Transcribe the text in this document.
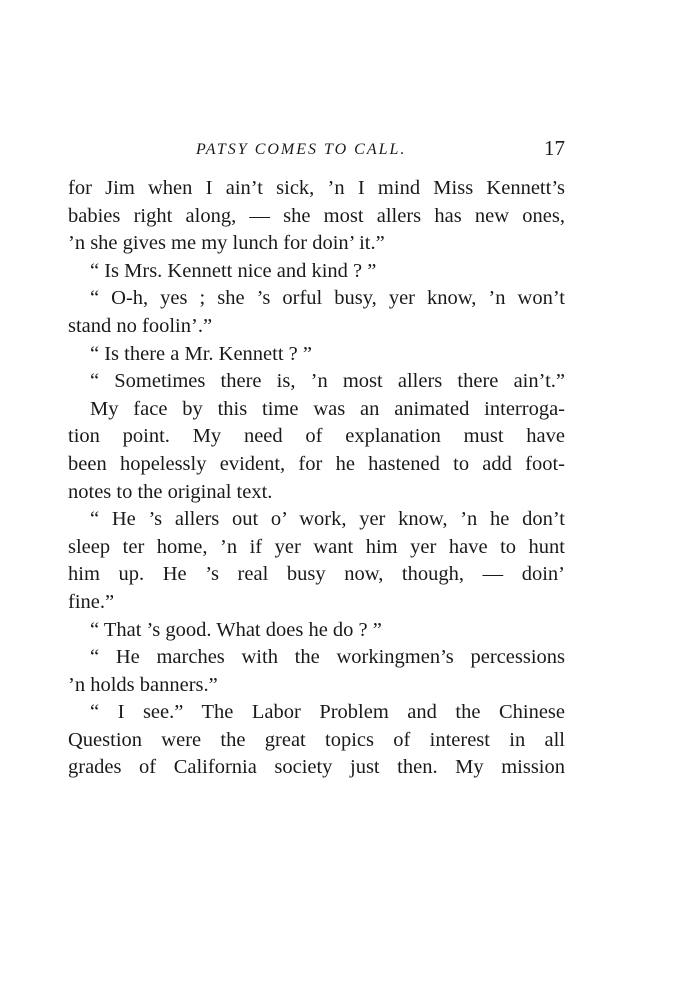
PATSY COMES TO CALL.	17
for Jim when I ain’t sick, ’n I mind Miss Kennett’s
babies right along, — she most allers has new ones,
’n she gives me my lunch for doin’ it.”
“ Is Mrs. Kennett nice and kind ? ”
“ O-h, yes ; she ’s orful busy, yer know, ’n won’t
stand no foolin’.”
“ Is there a Mr. Kennett ? ”
“ Sometimes there is, ’n most allers there ain’t.”
My face by this time was an animated interroga-
tion point. My need of explanation must have
been hopelessly evident, for he hastened to add foot-
notes to the original text.
“ He ’s allers out o’ work, yer know, ’n he don’t
sleep ter home, ’n if yer want him yer have to hunt
him up. He ’s real busy now, though, — doin’
fine.”
“ That ’s good. What does he do ? ”
“ He marches with the workingmen’s percessions
’n holds banners.”
“ I see.” The Labor Problem and the Chinese
Question were the great topics of interest in all
grades of California society just then. My mission
